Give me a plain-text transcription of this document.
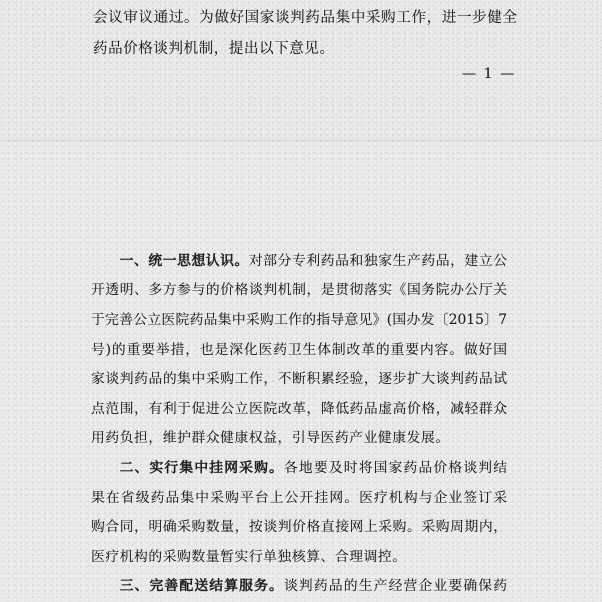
会议审议通过。为做好国家谈判药品集中采购工作，进一步健全
药品价格谈判机制，提出以下意见。
— 1 —
一、统一思想认识。对部分专利药品和独家生产药品，建立公
开透明、多方参与的价格谈判机制，是贯彻落实《国务院办公厅关
于完善公立医院药品集中采购工作的指导意见》(国办发〔2015〕7
号)的重要举措，也是深化医药卫生体制改革的重要内容。做好国
家谈判药品的集中采购工作，不断积累经验，逐步扩大谈判药品试
点范围，有利于促进公立医院改革，降低药品虚高价格，减轻群众
用药负担，维护群众健康权益，引导医药产业健康发展。
二、实行集中挂网采购。各地要及时将国家药品价格谈判结
果在省级药品集中采购平台上公开挂网。医疗机构与企业签订采
购合同，明确采购数量，按谈判价格直接网上采购。采购周期内，
医疗机构的采购数量暂实行单独核算、合理调控。
三、完善配送结算服务。谈判药品的生产经营企业要确保药
